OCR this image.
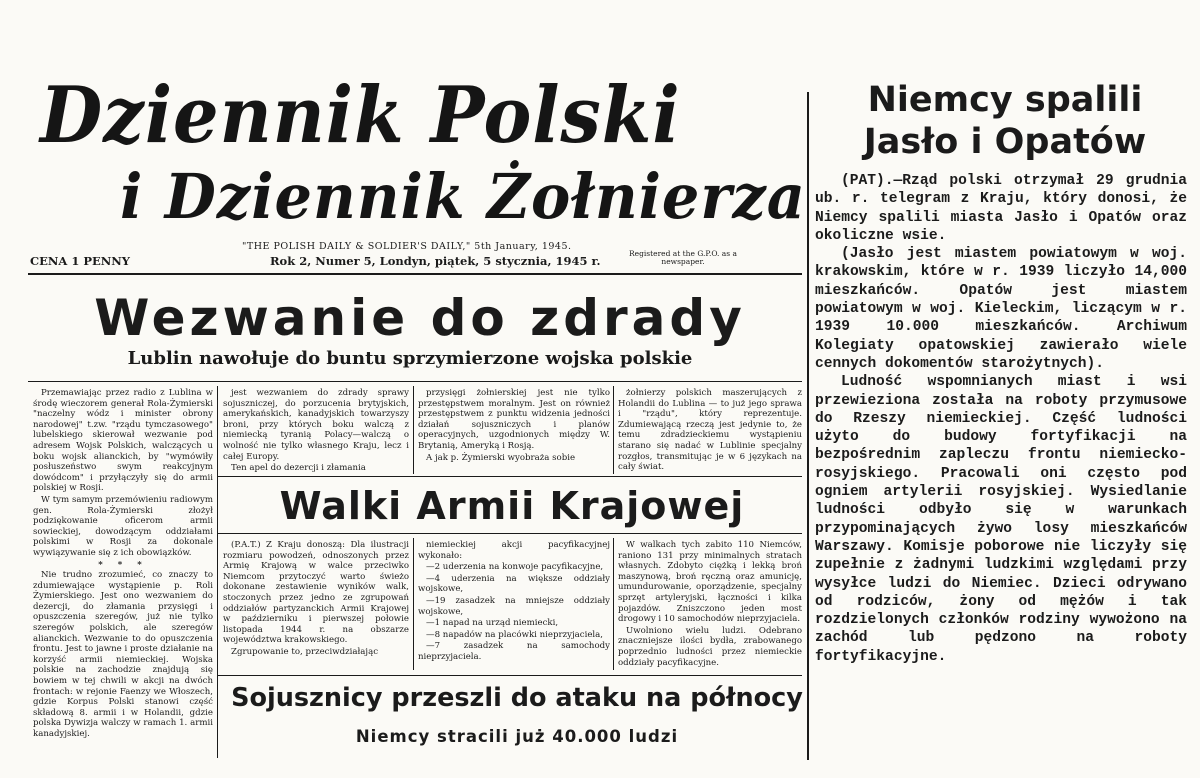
Dziennik Polski
i Dziennik Żołnierza
"THE POLISH DAILY & SOLDIER'S DAILY," 5th January, 1945.
CENA 1 PENNY	Rok 2, Numer 5, Londyn, piątek, 5 stycznia, 1945 r.
Registered at the G.P.O. as a newspaper.
Wezwanie do zdrady
Lublin nawołuje do buntu sprzymierzone wojska polskie

Przemawiając przez radio z Lublina w środę wieczorem generał Rola-Żymierski "naczelny wódz i minister obrony narodowej" t.zw. "rządu tymczasowego" lubelskiego skierował wezwanie pod adresem Wojsk Polskich, walczących u boku wojsk alianckich, by "wymówiły posłuszeństwo swym reakcyjnym dowódcom" i przyłączyły się do armii polskiej w Rosji.

W tym samym przemówieniu radiowym gen. Rola-Żymierski złożył podziękowanie oficerom armii sowieckiej, dowodzącym oddziałami polskimi w Rosji za dokonale wywiązywanie się z ich obowiązków.

* * *

Nie trudno zrozumieć, co znaczy to zdumiewające wystąpienie p. Roli Żymierskiego. Jest ono wezwaniem do dezercji, do złamania przysięgi i opuszczenia szeregów, już nie tylko szeregów polskich, ale szeregów alianckich. Wezwanie to do opuszczenia frontu. Jest to jawne i proste działanie na korzyść armii niemieckiej. Wojska polskie na zachodzie znajdują się bowiem w tej chwili w akcji na dwóch frontach: w rejonie Faenzy we Włoszech, gdzie Korpus Polski stanowi część składową 8. armii i w Holandii, gdzie polska Dywizja walczy w ramach 1. armii kanadyjskiej.

jest wezwaniem do zdrady sprawy sojuszniczej, do porzucenia brytyjskich, amerykańskich, kanadyjskich towarzyszy broni, przy których boku walczą z niemiecką tyranią Polacy—walczą o wolność nie tylko własnego Kraju, lecz i całej Europy.

Ten apel do dezercji i złamania

przysięgi żołnierskiej jest nie tylko przestępstwem moralnym. Jest on również przestępstwem z punktu widzenia jedności działań sojuszniczych i planów operacyjnych, uzgodnionych między W. Brytanią, Ameryką i Rosją.

A jak p. Żymierski wyobraża sobie

żołnierzy polskich maszerujących z Holandii do Lublina — to już jego sprawa i "rządu", który reprezentuje. Zdumiewającą rzeczą jest jedynie to, że temu zdradzieckiemu wystąpieniu starano się nadać w Lublinie specjalny rozgłos, transmitując je w 6 językach na cały świat.

Walki Armii Krajowej

(P.A.T.) Z Kraju donoszą: Dla ilustracji rozmiaru powodzeń, odnoszonych przez Armię Krajową w walce przeciwko Niemcom przytoczyć warto świeżo dokonane zestawienie wyników walk, stoczonych przez jedno ze zgrupowań oddziałów partyzanckich Armii Krajowej w październiku i pierwszej połowie listopada 1944 r. na obszarze województwa krakowskiego.

Zgrupowanie to, przeciwdziałając

niemieckiej akcji pacyfikacyjnej wykonało:

—2 uderzenia na konwoje pacyfikacyjne,

—4 uderzenia na większe oddziały wojskowe,

—19 zasadzek na mniejsze oddziały wojskowe,

—1 napad na urząd niemiecki,

—8 napadów na placówki nieprzyjaciela,

—7 zasadzek na samochody nieprzyjaciela.

W walkach tych zabito 110 Niemców, raniono 131 przy minimalnych stratach własnych. Zdobyto ciężką i lekką broń maszynową, broń ręczną oraz amunicję, umundurowanie, oporządzenie, specjalny sprzęt artyleryjski, łączności i kilka pojazdów. Zniszczono jeden most drogowy i 10 samochodów nieprzyjaciela.

Uwolniono wielu ludzi. Odebrano znaczniejsze ilości bydła, zrabowanego poprzednio ludności przez niemieckie oddziały pacyfikacyjne.

Sojusznicy przeszli do ataku na północy
Niemcy stracili już 40.000 ludzi
Niemcy spalili
Jasło i Opatów

(PAT).—Rząd polski otrzymał 29 grudnia ub. r. telegram z Kraju, który donosi, że Niemcy spalili miasta Jasło i Opatów oraz okoliczne wsie.

(Jasło jest miastem powiatowym w woj. krakowskim, które w r. 1939 liczyło 14,000 mieszkańców. Opatów jest miastem powiatowym w woj. Kieleckim, liczącym w r. 1939 10.000 mieszkańców. Archiwum Kolegiaty opatowskiej zawierało wiele cennych dokomentów starożytnych).

Ludność wspomnianych miast i wsi przewieziona została na roboty przymusowe do Rzeszy niemieckiej. Część ludności użyto do budowy fortyfikacji na bezpośrednim zapleczu frontu niemiecko-rosyjskiego. Pracowali oni często pod ogniem artylerii rosyjskiej. Wysiedlanie ludności odbyło się w warunkach przypominających żywo losy mieszkańców Warszawy. Komisje poborowe nie liczyły się zupełnie z żadnymi ludzkimi względami przy wysyłce ludzi do Niemiec. Dzieci odrywano od rodziców, żony od mężów i tak rozdzielonych członków rodziny wywożono na zachód lub pędzono na roboty fortyfikacyjne.
